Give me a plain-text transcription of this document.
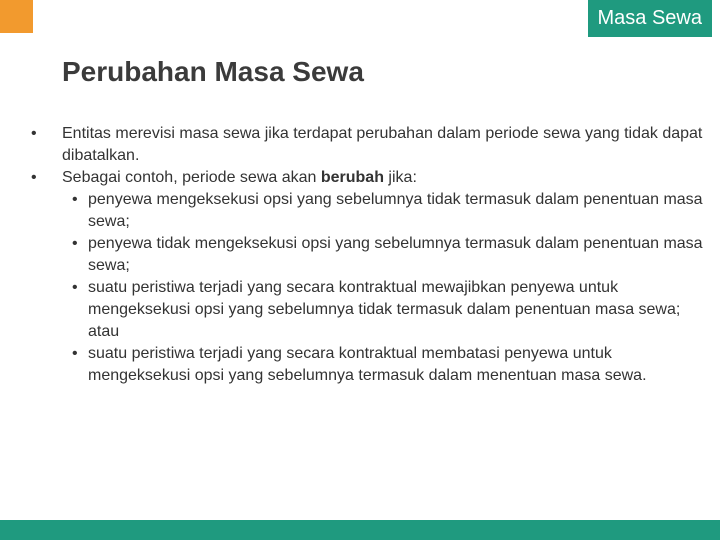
Masa Sewa
Perubahan Masa Sewa
• Entitas merevisi masa sewa jika terdapat perubahan dalam periode sewa yang tidak dapat dibatalkan.
• Sebagai contoh, periode sewa akan berubah jika:
• penyewa mengeksekusi opsi yang sebelumnya tidak termasuk dalam penentuan masa sewa;
• penyewa tidak mengeksekusi opsi yang sebelumnya termasuk dalam penentuan masa sewa;
• suatu peristiwa terjadi yang secara kontraktual mewajibkan penyewa untuk mengeksekusi opsi yang sebelumnya tidak termasuk dalam penentuan masa sewa; atau
• suatu peristiwa terjadi yang secara kontraktual membatasi penyewa untuk mengeksekusi opsi yang sebelumnya termasuk dalam menentuan masa sewa.
